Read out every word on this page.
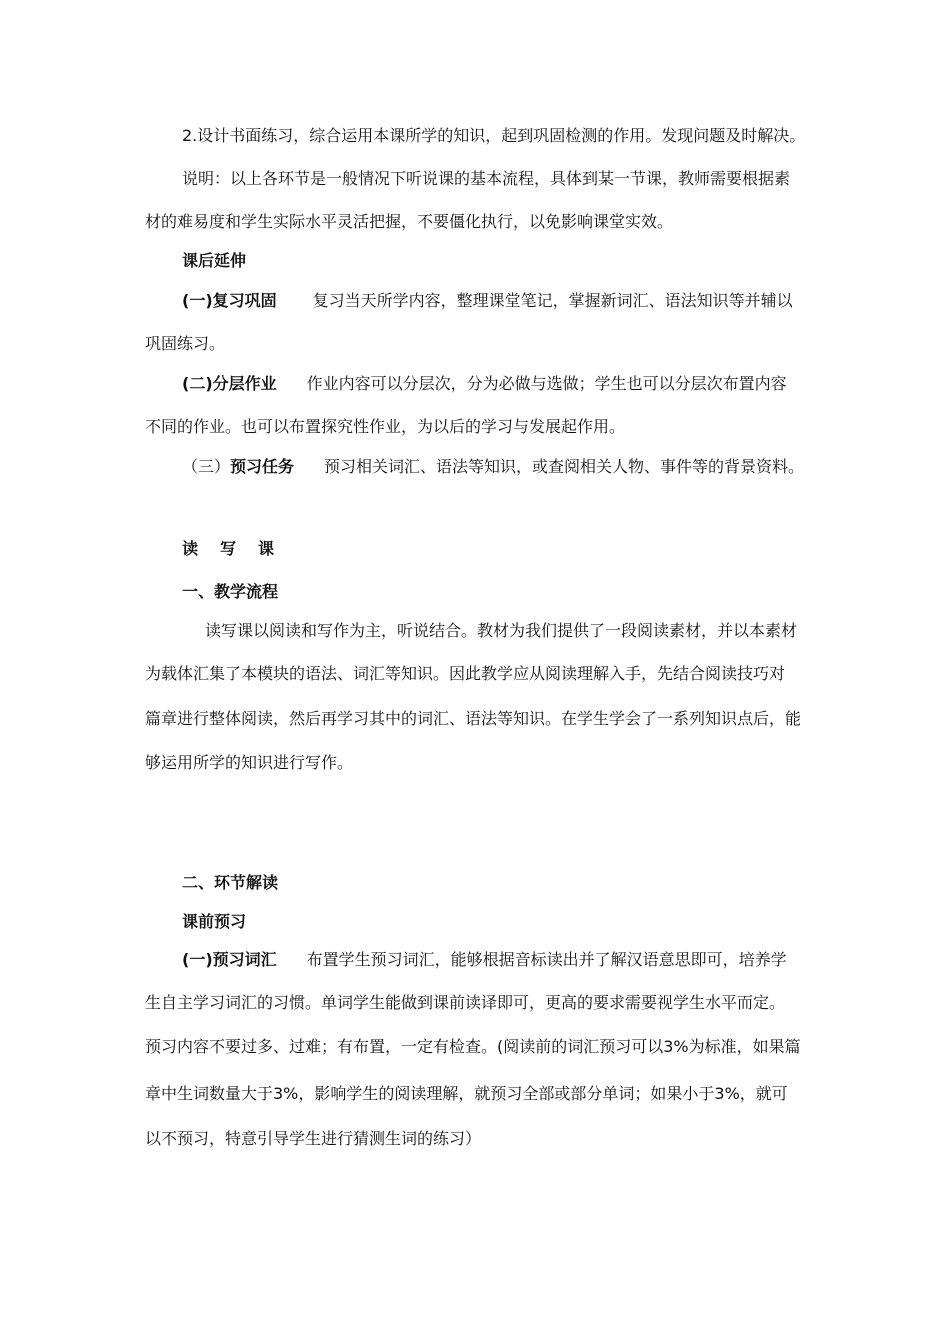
2.设计书面练习，综合运用本课所学的知识，起到巩固检测的作用。发现问题及时解决。
说明：以上各环节是一般情况下听说课的基本流程，具体到某一节课，教师需要根据素
材的难易度和学生实际水平灵活把握，不要僵化执行，以免影响课堂实效。
课后延伸
(一)复习巩固 复习当天所学内容，整理课堂笔记，掌握新词汇、语法知识等并辅以
巩固练习。
(二)分层作业 作业内容可以分层次，分为必做与选做；学生也可以分层次布置内容
不同的作业。也可以布置探究性作业，为以后的学习与发展起作用。
（三）预习任务 预习相关词汇、语法等知识，或查阅相关人物、事件等的背景资料。
读写课
一、教学流程
读写课以阅读和写作为主，听说结合。教材为我们提供了一段阅读素材，并以本素材
为载体汇集了本模块的语法、词汇等知识。因此教学应从阅读理解入手，先结合阅读技巧对
篇章进行整体阅读，然后再学习其中的词汇、语法等知识。在学生学会了一系列知识点后，能
够运用所学的知识进行写作。
二、环节解读
课前预习
(一)预习词汇 布置学生预习词汇，能够根据音标读出并了解汉语意思即可，培养学
生自主学习词汇的习惯。单词学生能做到课前读译即可，更高的要求需要视学生水平而定。
预习内容不要过多、过难；有布置，一定有检查。(阅读前的词汇预习可以3%为标准，如果篇
章中生词数量大于3%，影响学生的阅读理解，就预习全部或部分单词；如果小于3%，就可
以不预习，特意引导学生进行猜测生词的练习）
